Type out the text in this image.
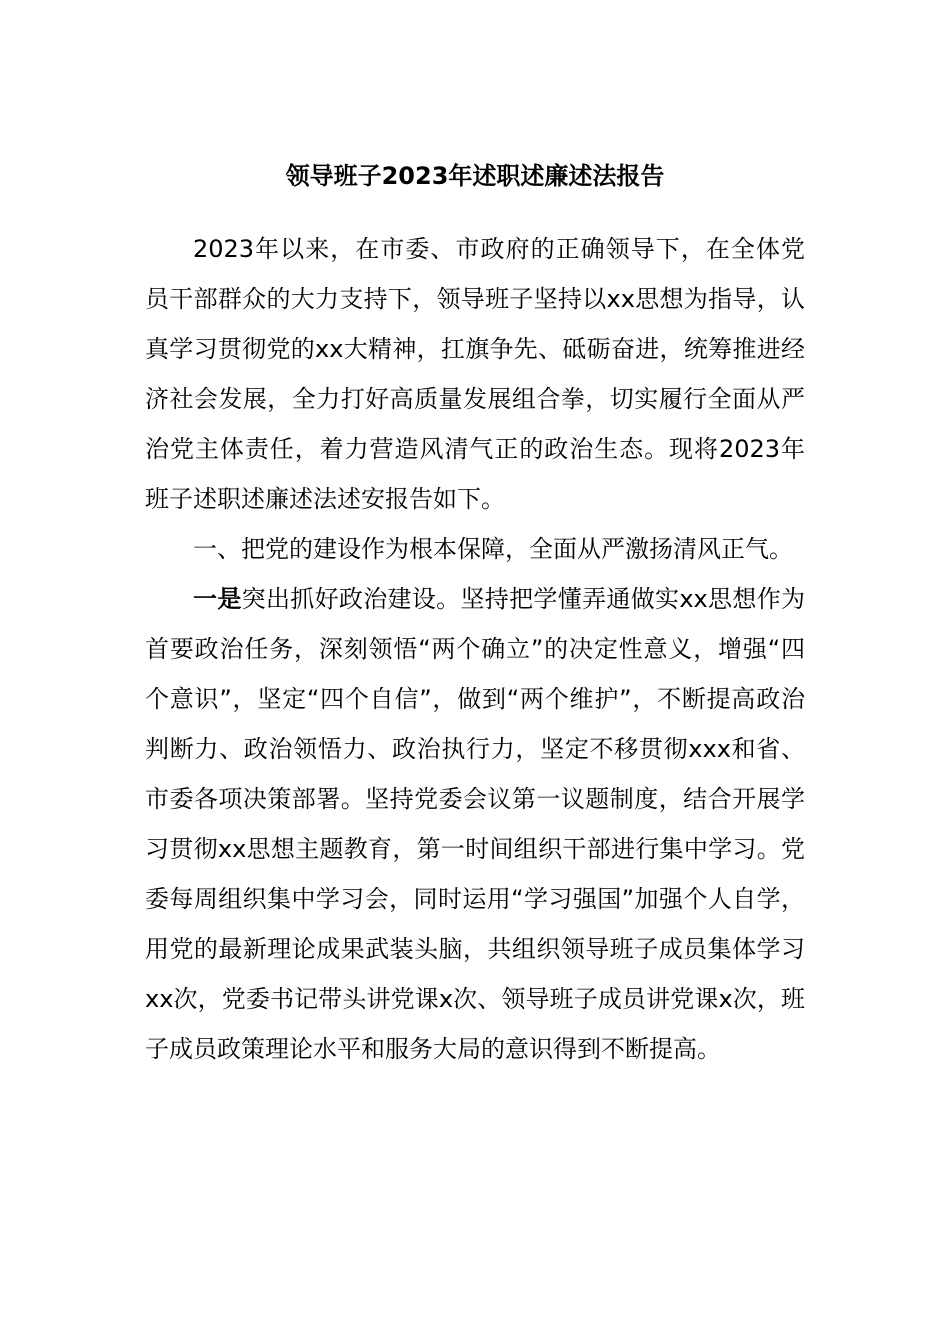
领导班子2023年述职述廉述法报告

2023年以来，在市委、市政府的正确领导下，在全体党员干部群众的大力支持下，领导班子坚持以xx思想为指导，认真学习贯彻党的xx大精神，扛旗争先、砥砺奋进，统筹推进经济社会发展，全力打好高质量发展组合拳，切实履行全面从严治党主体责任，着力营造风清气正的政治生态。现将2023年班子述职述廉述法述安报告如下。

一、把党的建设作为根本保障，全面从严激扬清风正气。

一是突出抓好政治建设。坚持把学懂弄通做实xx思想作为首要政治任务，深刻领悟“两个确立”的决定性意义，增强“四个意识”，坚定“四个自信”，做到“两个维护”，不断提高政治判断力、政治领悟力、政治执行力，坚定不移贯彻xxx和省、市委各项决策部署。坚持党委会议第一议题制度，结合开展学习贯彻xx思想主题教育，第一时间组织干部进行集中学习。党委每周组织集中学习会，同时运用“学习强国”加强个人自学，用党的最新理论成果武装头脑，共组织领导班子成员集体学习xx次，党委书记带头讲党课x次、领导班子成员讲党课x次，班子成员政策理论水平和服务大局的意识得到不断提高。
